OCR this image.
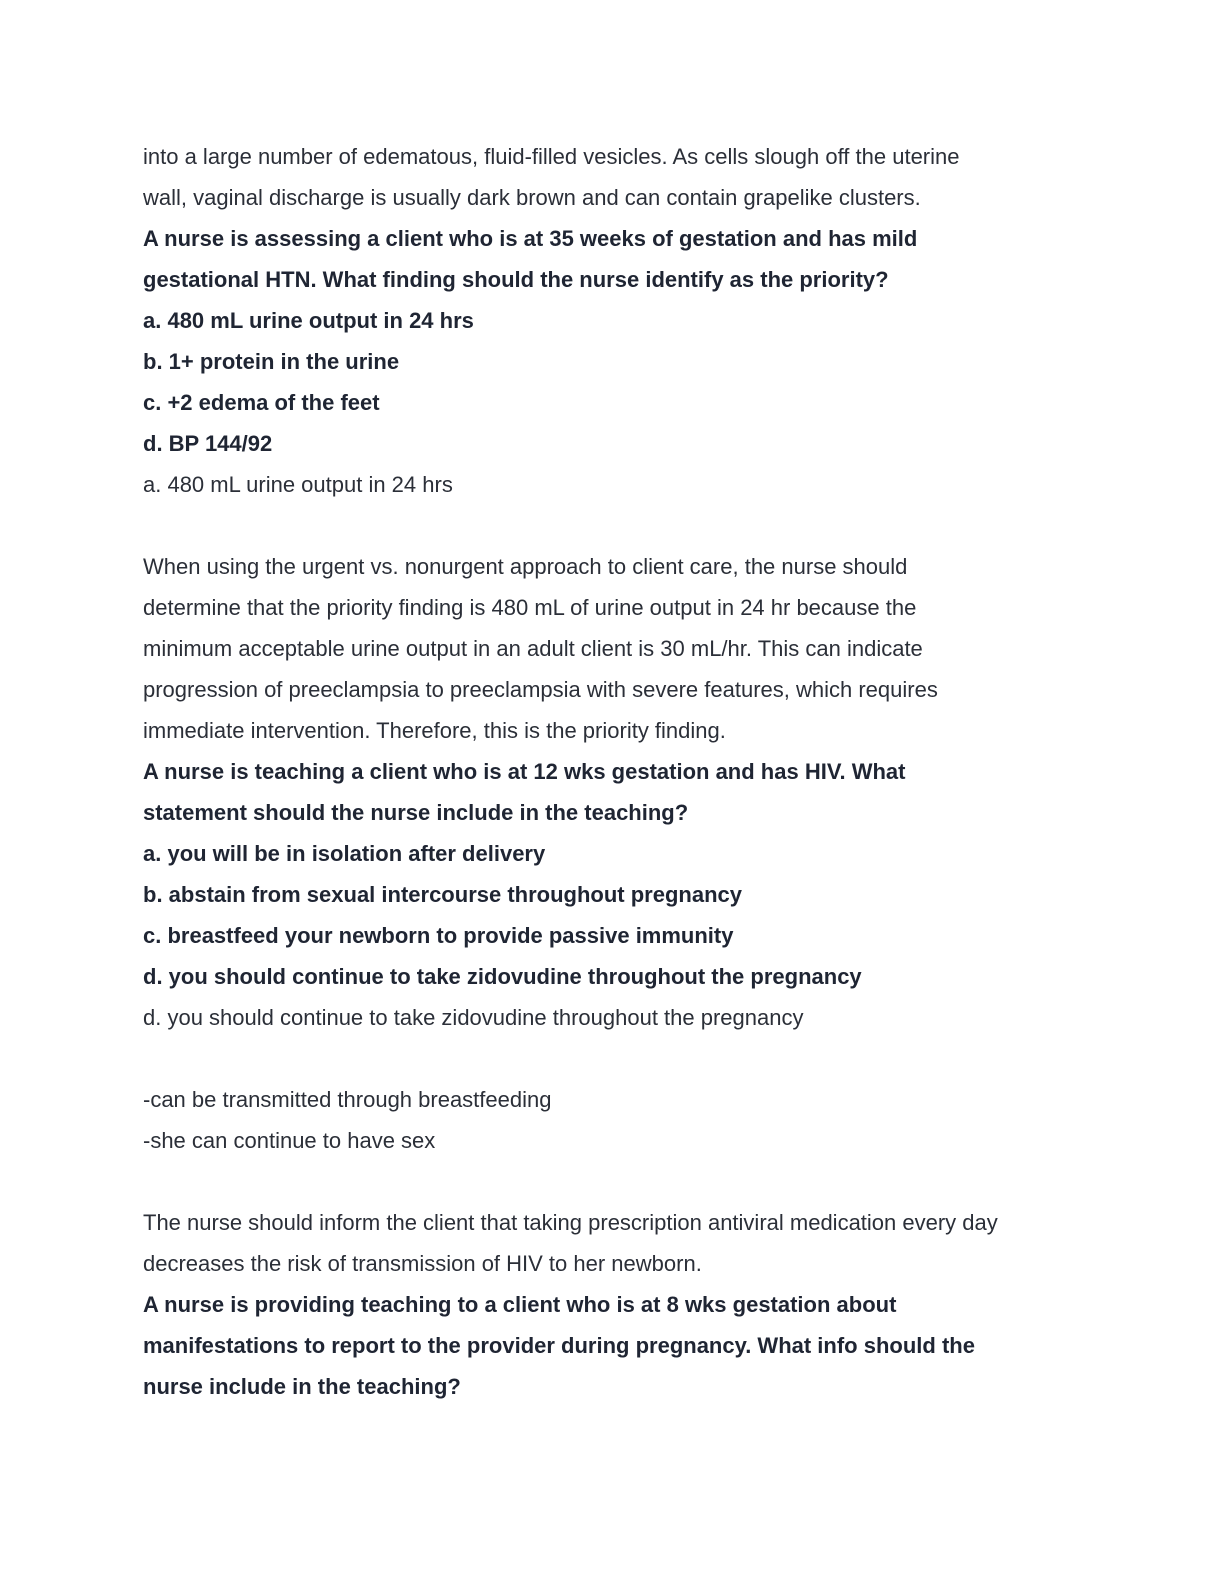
into a large number of edematous, fluid-filled vesicles. As cells slough off the uterine
wall, vaginal discharge is usually dark brown and can contain grapelike clusters.
A nurse is assessing a client who is at 35 weeks of gestation and has mild
gestational HTN. What finding should the nurse identify as the priority?
a. 480 mL urine output in 24 hrs
b. 1+ protein in the urine
c. +2 edema of the feet
d. BP 144/92
a. 480 mL urine output in 24 hrs
When using the urgent vs. nonurgent approach to client care, the nurse should
determine that the priority finding is 480 mL of urine output in 24 hr because the
minimum acceptable urine output in an adult client is 30 mL/hr. This can indicate
progression of preeclampsia to preeclampsia with severe features, which requires
immediate intervention. Therefore, this is the priority finding.
A nurse is teaching a client who is at 12 wks gestation and has HIV. What
statement should the nurse include in the teaching?
a. you will be in isolation after delivery
b. abstain from sexual intercourse throughout pregnancy
c. breastfeed your newborn to provide passive immunity
d. you should continue to take zidovudine throughout the pregnancy
d. you should continue to take zidovudine throughout the pregnancy
-can be transmitted through breastfeeding
-she can continue to have sex
The nurse should inform the client that taking prescription antiviral medication every day
decreases the risk of transmission of HIV to her newborn.
A nurse is providing teaching to a client who is at 8 wks gestation about
manifestations to report to the provider during pregnancy. What info should the
nurse include in the teaching?
